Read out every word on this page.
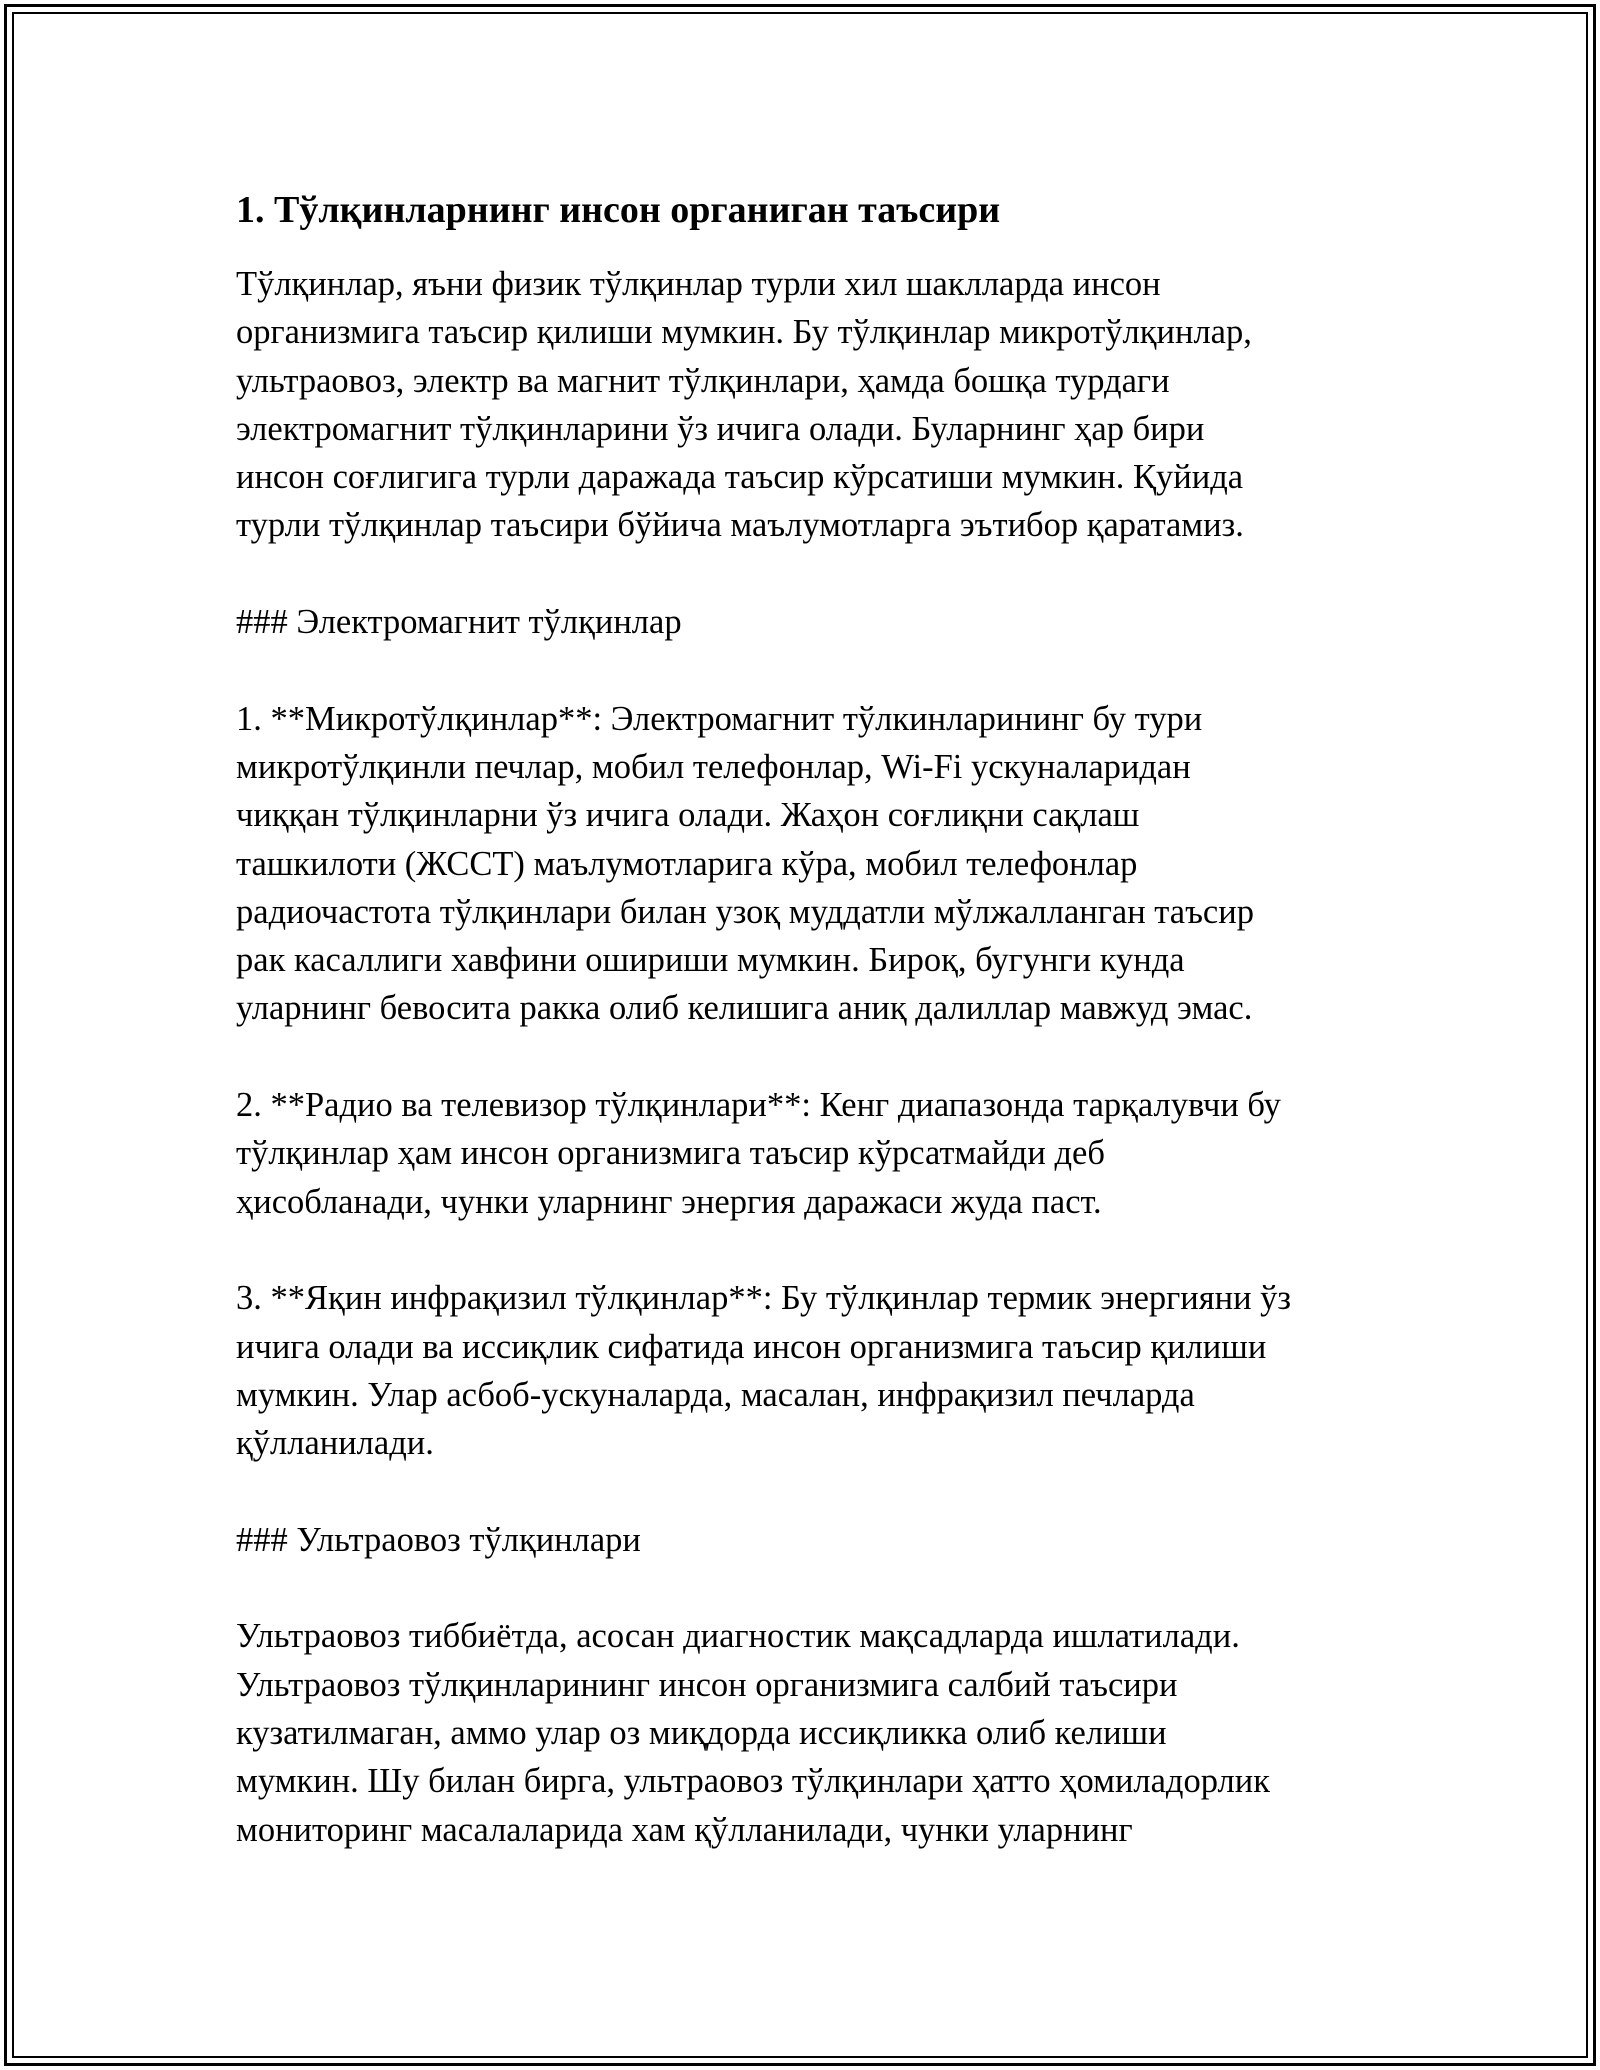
1. Тўлқинларнинг инсон органиган таъсири

Тўлқинлар, яъни физик тўлқинлар турли хил шаклларда инсон
организмига таъсир қилиши мумкин. Бу тўлқинлар микротўлқинлар,
ультраовоз, электр ва магнит тўлқинлари, ҳамда бошқа турдаги
электромагнит тўлқинларини ўз ичига олади. Буларнинг ҳар бири
инсон соғлигига турли даражада таъсир кўрсатиши мумкин. Қуйида
турли тўлқинлар таъсири бўйича маълумотларга эътибор қаратамиз.

### Электромагнит тўлқинлар

1. **Микротўлқинлар**: Электромагнит тўлкинларининг бу тури
микротўлқинли печлар, мобил телефонлар, Wi-Fi ускуналаридан
чиққан тўлқинларни ўз ичига олади. Жаҳон соғлиқни сақлаш
ташкилоти (ЖССТ) маълумотларига кўра, мобил телефонлар
радиочастота тўлқинлари билан узоқ муддатли мўлжалланган таъсир
рак касаллиги хавфини ошириши мумкин. Бироқ, бугунги кунда
уларнинг бевосита ракка олиб келишига аниқ далиллар мавжуд эмас.

2. **Радио ва телевизор тўлқинлари**: Кенг диапазонда тарқалувчи бу
тўлқинлар ҳам инсон организмига таъсир кўрсатмайди деб
ҳисобланади, чунки уларнинг энергия даражаси жуда паст.

3. **Яқин инфрақизил тўлқинлар**: Бу тўлқинлар термик энергияни ўз
ичига олади ва иссиқлик сифатида инсон организмига таъсир қилиши
мумкин. Улар асбоб-ускуналарда, масалан, инфрақизил печларда
қўлланилади.

### Ультраовоз тўлқинлари

Ультраовоз тиббиётда, асосан диагностик мақсадларда ишлатилади.
Ультраовоз тўлқинларининг инсон организмига салбий таъсири
кузатилмаган, аммо улар оз миқдорда иссиқликка олиб келиши
мумкин. Шу билан бирга, ультраовоз тўлқинлари ҳатто ҳомиладорлик
мониторинг масалаларида хам қўлланилади, чунки уларнинг
